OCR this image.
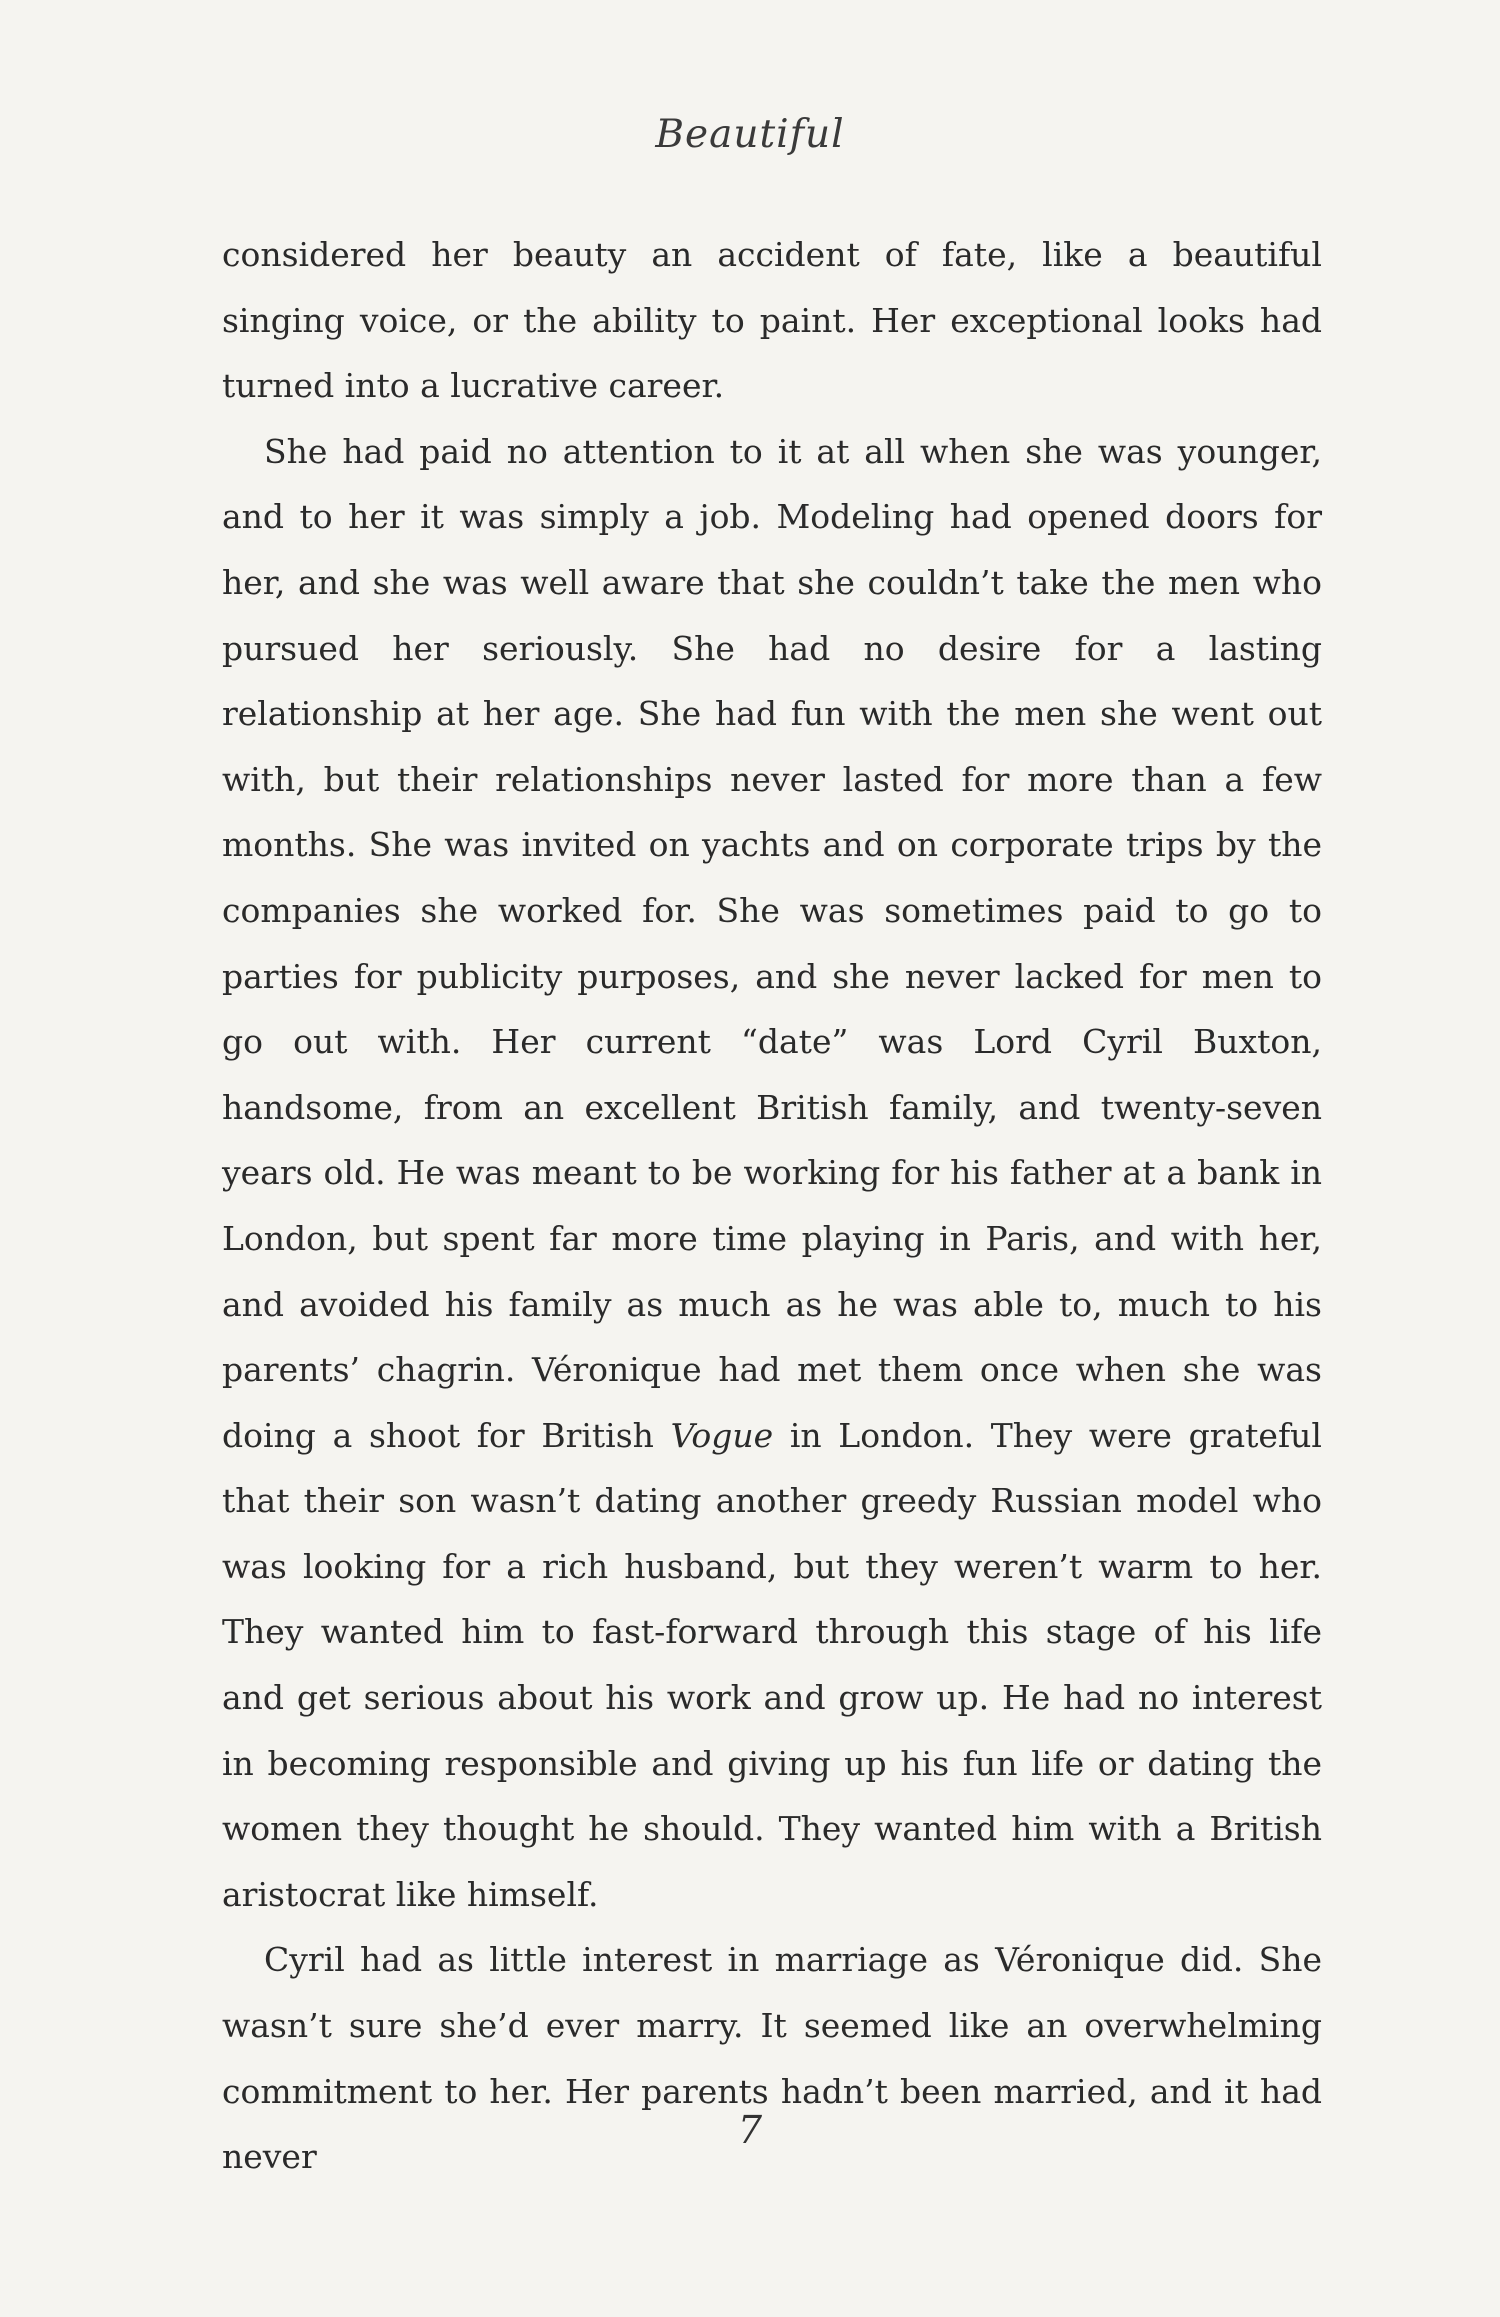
Beautiful

considered her beauty an accident of fate, like a beautiful singing voice, or the ability to paint. Her exceptional looks had turned into a lucrative career.

She had paid no attention to it at all when she was younger, and to her it was simply a job. Modeling had opened doors for her, and she was well aware that she couldn’t take the men who pursued her seriously. She had no desire for a lasting relationship at her age. She had fun with the men she went out with, but their relationships never lasted for more than a few months. She was invited on yachts and on corporate trips by the companies she worked for. She was sometimes paid to go to parties for publicity purposes, and she never lacked for men to go out with. Her current “date” was Lord Cyril Buxton, handsome, from an excellent British family, and twenty-seven years old. He was meant to be working for his father at a bank in London, but spent far more time playing in Paris, and with her, and avoided his family as much as he was able to, much to his parents’ chagrin. Véronique had met them once when she was doing a shoot for British Vogue in London. They were grateful that their son wasn’t dating another greedy Russian model who was looking for a rich husband, but they weren’t warm to her. They wanted him to fast-forward through this stage of his life and get serious about his work and grow up. He had no interest in becoming responsible and giving up his fun life or dating the women they thought he should. They wanted him with a British aristocrat like himself.

Cyril had as little interest in marriage as Véronique did. She wasn’t sure she’d ever marry. It seemed like an overwhelming commitment to her. Her parents hadn’t been married, and it had never

7
